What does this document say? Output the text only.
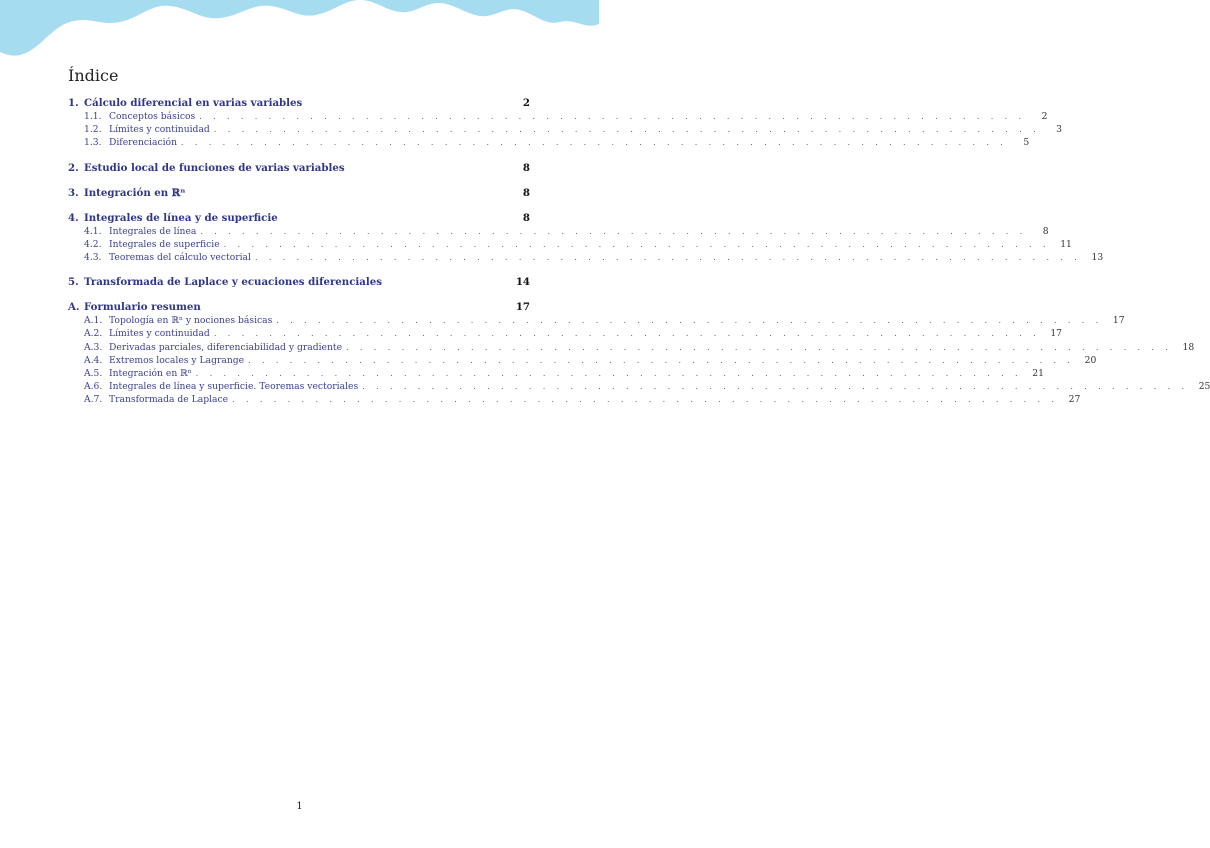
Índice
1. Cálculo diferencial en varias variables	2
1.1. Conceptos básicos . . . . . . . . . . . . . . . . . . . . . . . . . . . . . . . . . . . . . . . . . . . . . . . . . . . . . . . . . . . .	2
1.2. Límites y continuidad . . . . . . . . . . . . . . . . . . . . . . . . . . . . . . . . . . . . . . . . . . . . . . . . . . . . . . . . . . . .	3
1.3. Diferenciación . . . . . . . . . . . . . . . . . . . . . . . . . . . . . . . . . . . . . . . . . . . . . . . . . . . . . . . . . . . .	5
2. Estudio local de funciones de varias variables	8
3. Integración en ℝⁿ	8
4. Integrales de línea y de superficie	8
4.1. Integrales de línea . . . . . . . . . . . . . . . . . . . . . . . . . . . . . . . . . . . . . . . . . . . . . . . . . . . . . . . . . . . .	8
4.2. Integrales de superficie . . . . . . . . . . . . . . . . . . . . . . . . . . . . . . . . . . . . . . . . . . . . . . . . . . . . . . . . . . . .	11
4.3. Teoremas del cálculo vectorial . . . . . . . . . . . . . . . . . . . . . . . . . . . . . . . . . . . . . . . . . . . . . . . . . . . . . . . . . . . .	13
5. Transformada de Laplace y ecuaciones diferenciales	14
A. Formulario resumen	17
A.1. Topología en ℝⁿ y nociones básicas . . . . . . . . . . . . . . . . . . . . . . . . . . . . . . . . . . . . . . . . . . . . . . . . . . . . . . . . . . . .	17
A.2. Límites y continuidad . . . . . . . . . . . . . . . . . . . . . . . . . . . . . . . . . . . . . . . . . . . . . . . . . . . . . . . . . . . .	17
A.3. Derivadas parciales, diferenciabilidad y gradiente . . . . . . . . . . . . . . . . . . . . . . . . . . . . . . . . . . . . . . . . . . . . . . . . . . . . . . . . . . . .	18
A.4. Extremos locales y Lagrange . . . . . . . . . . . . . . . . . . . . . . . . . . . . . . . . . . . . . . . . . . . . . . . . . . . . . . . . . . . .	20
A.5. Integración en ℝⁿ . . . . . . . . . . . . . . . . . . . . . . . . . . . . . . . . . . . . . . . . . . . . . . . . . . . . . . . . . . . .	21
A.6. Integrales de línea y superficie. Teoremas vectoriales . . . . . . . . . . . . . . . . . . . . . . . . . . . . . . . . . . . . . . . . . . . . . . . . . . . . . . . . . . . .	25
A.7. Transformada de Laplace . . . . . . . . . . . . . . . . . . . . . . . . . . . . . . . . . . . . . . . . . . . . . . . . . . . . . . . . . . . .	27
1
